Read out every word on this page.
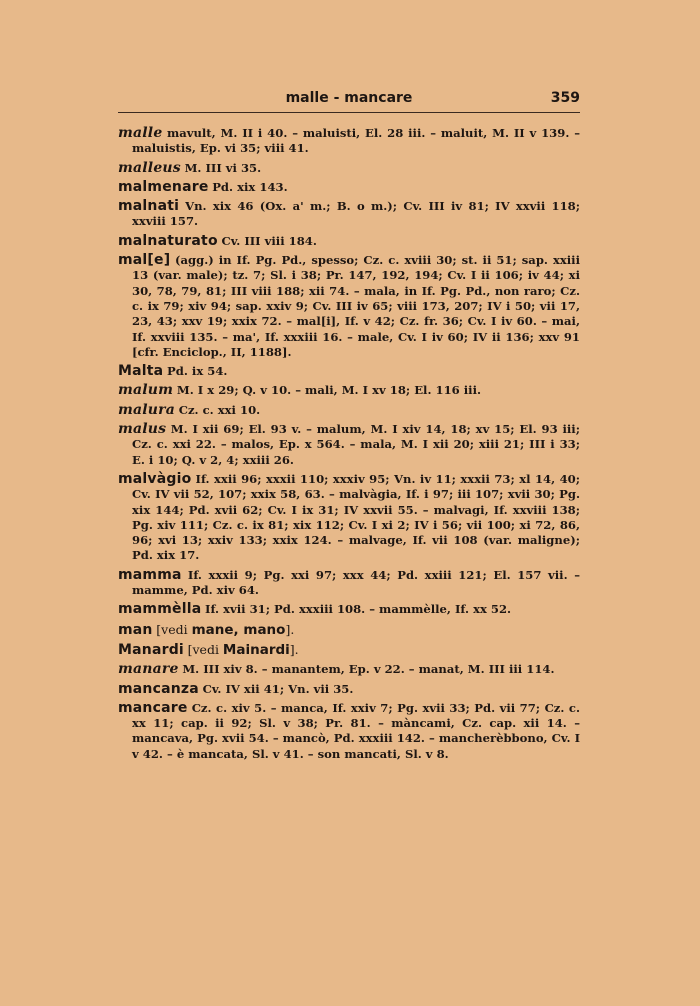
malle - mancare	359

malle mavult, M. II i 40. – maluisti, El. 28 iii. – maluit, M. II v 139. – maluistis, Ep. vi 35; viii 41.

malleus M. III vi 35.

malmenare Pd. xix 143.

malnati Vn. xix 46 (Ox. a' m.; B. o m.); Cv. III iv 81; IV xxvii 118; xxviii 157.

malnaturato Cv. III viii 184.

mal[e] (agg.) in If. Pg. Pd., spesso; Cz. c. xviii 30; st. ii 51; sap. xxiii 13 (var. male); tz. 7; Sl. i 38; Pr. 147, 192, 194; Cv. I ii 106; iv 44; xi 30, 78, 79, 81; III viii 188; xii 74. – mala, in If. Pg. Pd., non raro; Cz. c. ix 79; xiv 94; sap. xxiv 9; Cv. III iv 65; viii 173, 207; IV i 50; vii 17, 23, 43; xxv 19; xxix 72. – mal[i], If. v 42; Cz. fr. 36; Cv. I iv 60. – mai, If. xxviii 135. – ma', If. xxxiii 16. – male, Cv. I iv 60; IV ii 136; xxv 91 [cfr. Enciclop., II, 1188].

Malta Pd. ix 54.

malum M. I x 29; Q. v 10. – mali, M. I xv 18; El. 116 iii.

malura Cz. c. xxi 10.

malus M. I xii 69; El. 93 v. – malum, M. I xiv 14, 18; xv 15; El. 93 iii; Cz. c. xxi 22. – malos, Ep. x 564. – mala, M. I xii 20; xiii 21; III i 33; E. i 10; Q. v 2, 4; xxiii 26.

malvàgio If. xxii 96; xxxii 110; xxxiv 95; Vn. iv 11; xxxii 73; xl 14, 40; Cv. IV vii 52, 107; xxix 58, 63. – malvàgia, If. i 97; iii 107; xvii 30; Pg. xix 144; Pd. xvii 62; Cv. I ix 31; IV xxvii 55. – malvagi, If. xxviii 138; Pg. xiv 111; Cz. c. ix 81; xix 112; Cv. I xi 2; IV i 56; vii 100; xi 72, 86, 96; xvi 13; xxiv 133; xxix 124. – malvage, If. vii 108 (var. maligne); Pd. xix 17.

mamma If. xxxii 9; Pg. xxi 97; xxx 44; Pd. xxiii 121; El. 157 vii. – mamme, Pd. xiv 64.

mammèlla If. xvii 31; Pd. xxxiii 108. – mammèlle, If. xx 52.

man [vedi mane, mano].

Manardi [vedi Mainardi].

manare M. III xiv 8. – manantem, Ep. v 22. – manat, M. III iii 114.

mancanza Cv. IV xii 41; Vn. vii 35.

mancare Cz. c. xiv 5. – manca, If. xxiv 7; Pg. xvii 33; Pd. vii 77; Cz. c. xx 11; cap. ii 92; Sl. v 38; Pr. 81. – màncami, Cz. cap. xii 14. – mancava, Pg. xvii 54. – mancò, Pd. xxxiii 142. – mancherèbbono, Cv. I v 42. – è mancata, Sl. v 41. – son mancati, Sl. v 8.
